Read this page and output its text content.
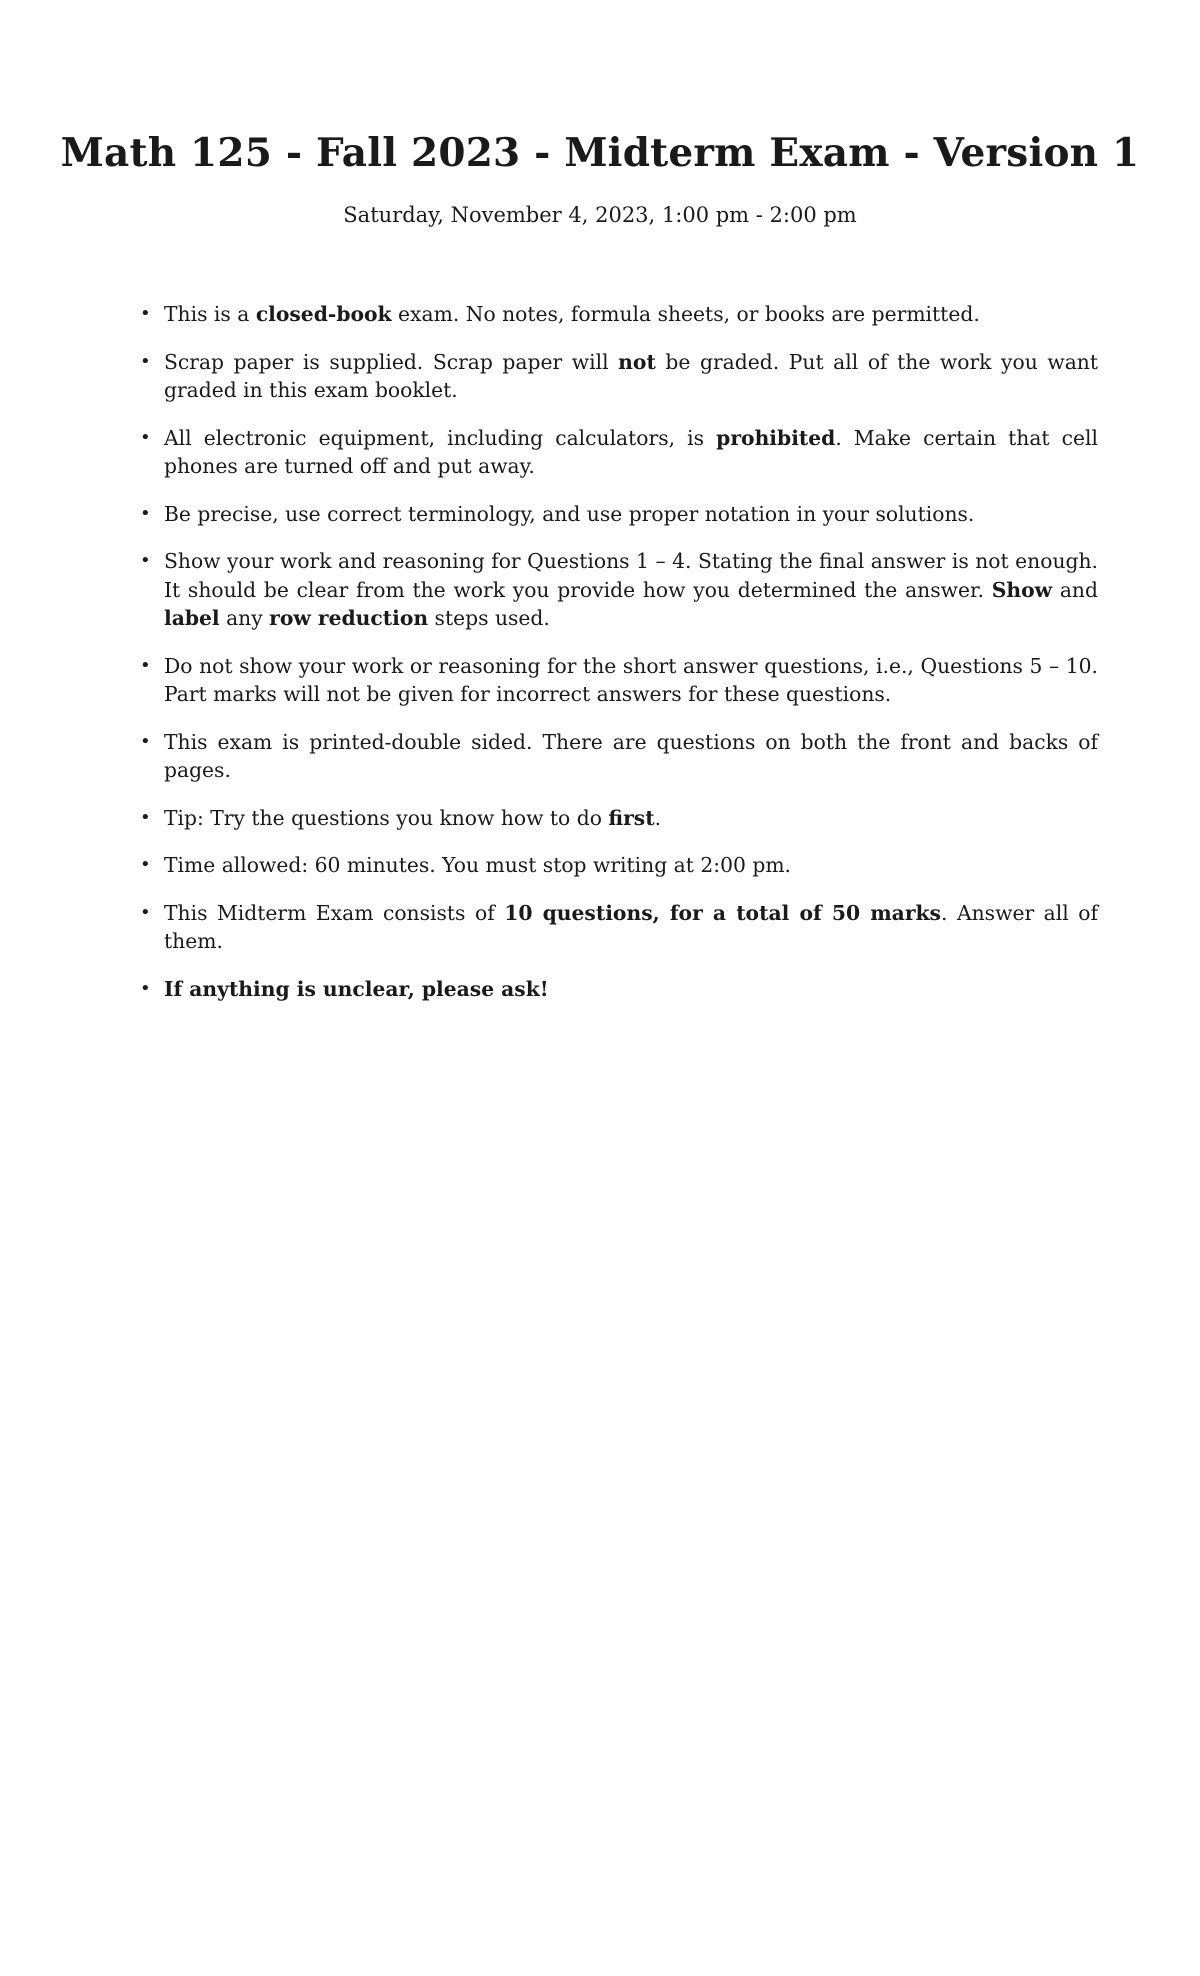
Math 125 - Fall 2023 - Midterm Exam - Version 1

Saturday, November 4, 2023, 1:00 pm - 2:00 pm

• This is a closed-book exam. No notes, formula sheets, or books are permitted.
• Scrap paper is supplied. Scrap paper will not be graded. Put all of the work you want graded in this exam booklet.
• All electronic equipment, including calculators, is prohibited. Make certain that cell phones are turned off and put away.
• Be precise, use correct terminology, and use proper notation in your solutions.
• Show your work and reasoning for Questions 1 – 4. Stating the final answer is not enough. It should be clear from the work you provide how you determined the answer. Show and label any row reduction steps used.
• Do not show your work or reasoning for the short answer questions, i.e., Questions 5 – 10. Part marks will not be given for incorrect answers for these questions.
• This exam is printed-double sided. There are questions on both the front and backs of pages.
• Tip: Try the questions you know how to do first.
• Time allowed: 60 minutes. You must stop writing at 2:00 pm.
• This Midterm Exam consists of 10 questions, for a total of 50 marks. Answer all of them.
• If anything is unclear, please ask!
